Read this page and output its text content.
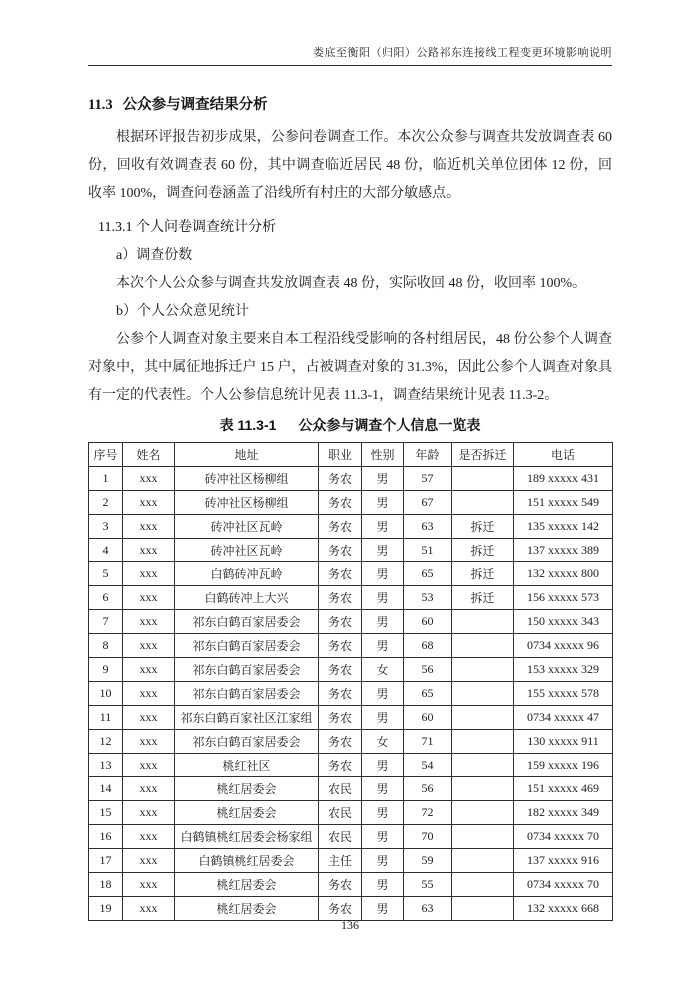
娄底至衡阳（归阳）公路祁东连接线工程变更环境影响说明
11.3 公众参与调查结果分析

根据环评报告初步成果，公参问卷调查工作。本次公众参与调查共发放调查表 60 份，回收有效调查表 60 份，其中调查临近居民 48 份，临近机关单位团体 12 份，回收率 100%，调查问卷涵盖了沿线所有村庄的大部分敏感点。

11.3.1 个人问卷调查统计分析
a）调查份数
本次个人公众参与调查共发放调查表 48 份，实际收回 48 份，收回率 100%。
b）个人公众意见统计

公参个人调查对象主要来自本工程沿线受影响的各村组居民，48 份公参个人调查对象中，其中属征地拆迁户 15 户，占被调查对象的 31.3%，因此公参个人调查对象具有一定的代表性。个人公参信息统计见表 11.3-1，调查结果统计见表 11.3-2。

表 11.3-1 公众参与调查个人信息一览表
序号	姓名	地址	职业	性别	年龄	是否拆迁	电话
1	xxx	砖冲社区杨柳组	务农	男	57		189 xxxxx 431
2	xxx	砖冲社区杨柳组	务农	男	67		151 xxxxx 549
3	xxx	砖冲社区瓦岭	务农	男	63	拆迁	135 xxxxx 142
4	xxx	砖冲社区瓦岭	务农	男	51	拆迁	137 xxxxx 389
5	xxx	白鹤砖冲瓦岭	务农	男	65	拆迁	132 xxxxx 800
6	xxx	白鹤砖冲上大兴	务农	男	53	拆迁	156 xxxxx 573
7	xxx	祁东白鹤百家居委会	务农	男	60		150 xxxxx 343
8	xxx	祁东白鹤百家居委会	务农	男	68		0734 xxxxx 96
9	xxx	祁东白鹤百家居委会	务农	女	56		153 xxxxx 329
10	xxx	祁东白鹤百家居委会	务农	男	65		155 xxxxx 578
11	xxx	祁东白鹤百家社区江家组	务农	男	60		0734 xxxxx 47
12	xxx	祁东白鹤百家居委会	务农	女	71		130 xxxxx 911
13	xxx	桃红社区	务农	男	54		159 xxxxx 196
14	xxx	桃红居委会	农民	男	56		151 xxxxx 469
15	xxx	桃红居委会	农民	男	72		182 xxxxx 349
16	xxx	白鹤镇桃红居委会杨家组	农民	男	70		0734 xxxxx 70
17	xxx	白鹤镇桃红居委会	主任	男	59		137 xxxxx 916
18	xxx	桃红居委会	务农	男	55		0734 xxxxx 70
19	xxx	桃红居委会	务农	男	63		132 xxxxx 668
136
